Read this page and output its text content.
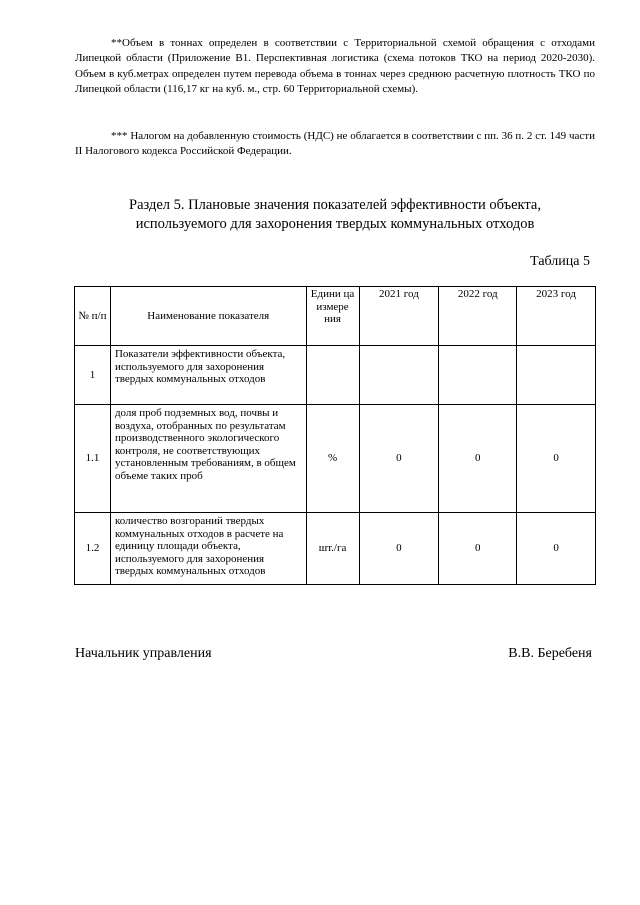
**Объем в тоннах определен в соответствии с Территориальной схемой обращения с отходами Липецкой области (Приложение В1. Перспективная логистика (схема потоков ТКО на период 2020-2030). Объем в куб.метрах определен путем перевода объема в тоннах через среднюю расчетную плотность ТКО по Липецкой области (116,17 кг на куб. м., стр. 60 Территориальной схемы).

*** Налогом на добавленную стоимость (НДС) не облагается в соответствии с пп. 36 п. 2 ст. 149 части II Налогового кодекса Российской Федерации.

Раздел 5. Плановые значения показателей эффективности объекта,
используемого для захоронения твердых коммунальных отходов

Таблица 5

№ п/п	Наименование показателя	Едини ца измере ния	2021 год	2022 год	2023 год
1	Показатели эффективности объекта, используемого для захоронения твердых коммунальных отходов				
1.1	доля проб подземных вод, почвы и воздуха, отобранных по результатам производственного экологического контроля, не соответствующих установленным требованиям, в общем объеме таких проб	%	0	0	0
1.2	количество возгораний твердых коммунальных отходов в расчете на единицу площади объекта, используемого для захоронения твердых коммунальных отходов	шт./га	0	0	0

Начальник управления	В.В. Беребеня
